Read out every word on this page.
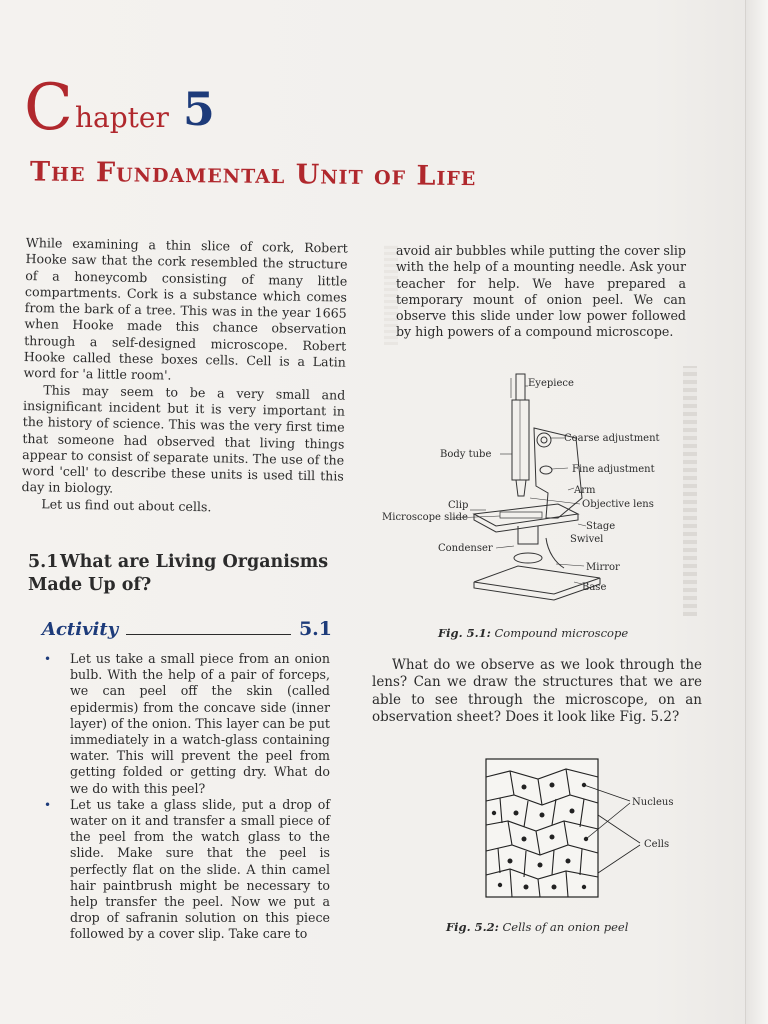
C hapter 5
The Fundamental Unit of Life

While examining a thin slice of cork, Robert Hooke saw that the cork resembled the structure of a honeycomb consisting of many little compartments. Cork is a substance which comes from the bark of a tree. This was in the year 1665 when Hooke made this chance observation through a self-designed microscope. Robert Hooke called these boxes cells. Cell is a Latin word for 'a little room'.

This may seem to be a very small and insignificant incident but it is very important in the history of science. This was the very first time that someone had observed that living things appear to consist of separate units. The use of the word 'cell' to describe these units is used till this day in biology.

Let us find out about cells.

5.1What are Living Organisms Made Up of?
Activity	5.1
• Let us take a small piece from an onion bulb. With the help of a pair of forceps, we can peel off the skin (called epidermis) from the concave side (inner layer) of the onion. This layer can be put immediately in a watch-glass containing water. This will prevent the peel from getting folded or getting dry. What do we do with this peel?
• Let us take a glass slide, put a drop of water on it and transfer a small piece of the peel from the watch glass to the slide. Make sure that the peel is perfectly flat on the slide. A thin camel hair paintbrush might be necessary to help transfer the peel. Now we put a drop of safranin solution on this piece followed by a cover slip. Take care to

avoid air bubbles while putting the cover slip with the help of a mounting needle. Ask your teacher for help. We have prepared a temporary mount of onion peel. We can observe this slide under low power followed by high powers of a compound microscope.

Eyepiece
Coarse adjustment
Body tube
Fine adjustment
Arm
Clip	Objective lens
Microscope slide
Stage
Swivel
Condenser
Mirror
Base
Fig. 5.1: Compound microscope

What do we observe as we look through the lens? Can we draw the structures that we are able to see through the microscope, on an observation sheet? Does it look like Fig. 5.2?

Nucleus
Cells
Fig. 5.2: Cells of an onion peel
